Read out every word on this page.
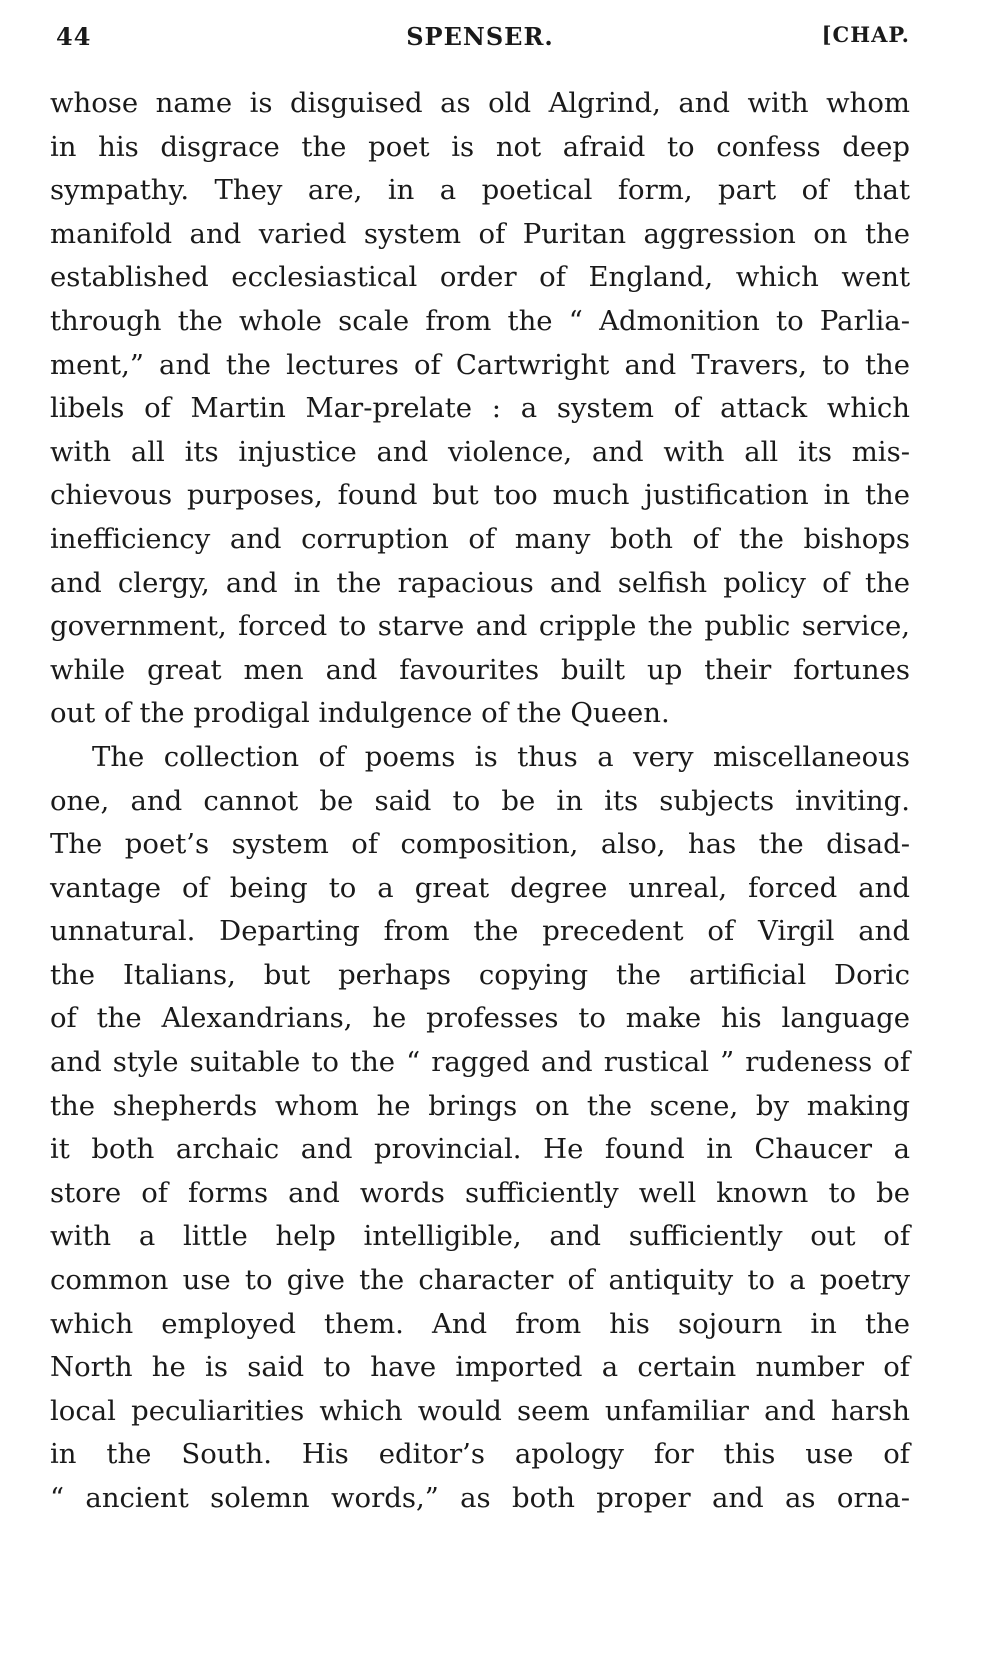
44	SPENSER.	[CHAP.
whose name is disguised as old Algrind, and with whom
in his disgrace the poet is not afraid to confess deep
sympathy. They are, in a poetical form, part of that
manifold and varied system of Puritan aggression on the
established ecclesiastical order of England, which went
through the whole scale from the “ Admonition to Parlia-
ment,” and the lectures of Cartwright and Travers, to the
libels of Martin Mar-prelate : a system of attack which
with all its injustice and violence, and with all its mis-
chievous purposes, found but too much justification in the
inefficiency and corruption of many both of the bishops
and clergy, and in the rapacious and selfish policy of the
government, forced to starve and cripple the public service,
while great men and favourites built up their fortunes
out of the prodigal indulgence of the Queen.
The collection of poems is thus a very miscellaneous
one, and cannot be said to be in its subjects inviting.
The poet’s system of composition, also, has the disad-
vantage of being to a great degree unreal, forced and
unnatural. Departing from the precedent of Virgil and
the Italians, but perhaps copying the artificial Doric
of the Alexandrians, he professes to make his language
and style suitable to the “ ragged and rustical ” rudeness of
the shepherds whom he brings on the scene, by making
it both archaic and provincial. He found in Chaucer a
store of forms and words sufficiently well known to be
with a little help intelligible, and sufficiently out of
common use to give the character of antiquity to a poetry
which employed them. And from his sojourn in the
North he is said to have imported a certain number of
local peculiarities which would seem unfamiliar and harsh
in the South. His editor’s apology for this use of
“ ancient solemn words,” as both proper and as orna-
